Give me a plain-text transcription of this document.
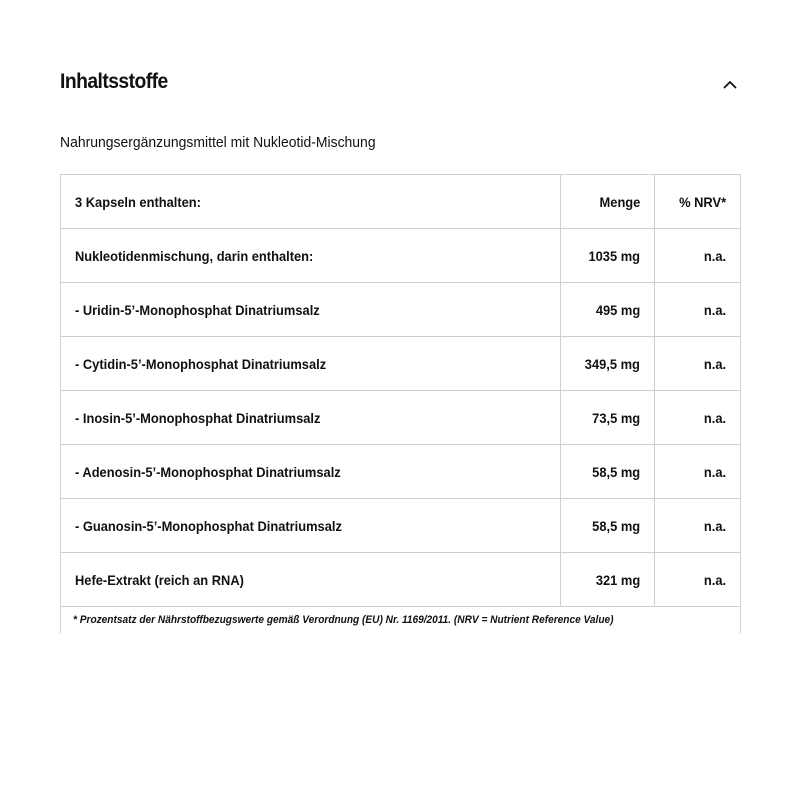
Inhaltsstoffe
Nahrungsergänzungsmittel mit Nukleotid-Mischung
3 Kapseln enthalten:	Menge	% NRV*
Nukleotidenmischung, darin enthalten:	1035 mg	n.a.
- Uridin-5’-Monophosphat Dinatriumsalz	495 mg	n.a.
- Cytidin-5’-Monophosphat Dinatriumsalz	349,5 mg	n.a.
- Inosin-5’-Monophosphat Dinatriumsalz	73,5 mg	n.a.
- Adenosin-5’-Monophosphat Dinatriumsalz	58,5 mg	n.a.
- Guanosin-5’-Monophosphat Dinatriumsalz	58,5 mg	n.a.
Hefe-Extrakt (reich an RNA)	321 mg	n.a.
* Prozentsatz der Nährstoffbezugswerte gemäß Verordnung (EU) Nr. 1169/2011. (NRV = Nutrient Reference Value)		
